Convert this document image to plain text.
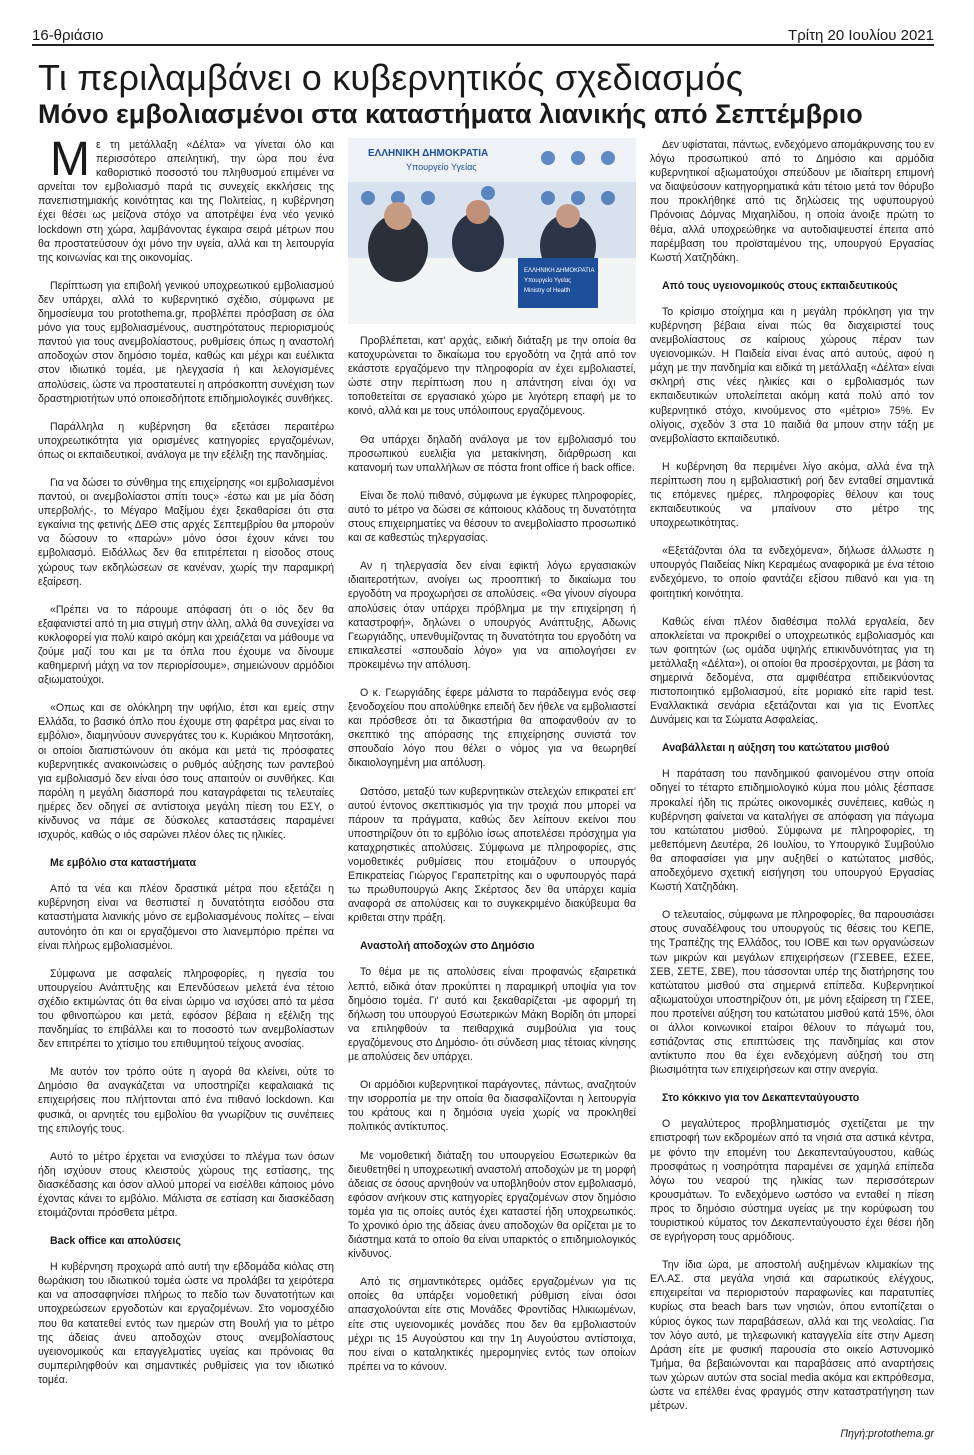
16-θριάσιο	Τρίτη 20 Ιουλίου 2021
Τι περιλαμβάνει ο κυβερνητικός σχεδιασμός
Μόνο εμβολιασμένοι στα καταστήματα λιανικής από Σεπτέμβριο

Με τη μετάλλαξη «Δέλτα» να γίνεται όλο και περισσότερο απειλητική, την ώρα που ένα καθοριστικό ποσοστό του πληθυσμού επιμένει να αρνείται τον εμβολιασμό παρά τις συνεχείς εκκλήσεις της πανεπιστημιακής κοινότητας και της Πολιτείας, η κυβέρνηση έχει θέσει ως μείζονα στόχο να αποτρέψει ένα νέο γενικό lockdown στη χώρα, λαμβάνοντας έγκαιρα σειρά μέτρων που θα προστατεύσουν όχι μόνο την υγεία, αλλά και τη λειτουργία της κοινωνίας και της οικονομίας.

Περίπτωση για επιβολή γενικού υποχρεωτικού εμβολιασμού δεν υπάρχει, αλλά το κυβερνητικό σχέδιο, σύμφωνα με δημοσίευμα του protothema.gr, προβλέπει πρόσβαση σε όλα μόνο για τους εμβολιασμένους, αυστηρότατους περιορισμούς παντού για τους ανεμβολίαστους, ρυθμίσεις όπως η αναστολή αποδοχών στον δημόσιο τομέα, καθώς και μέχρι και ευέλικτα στον ιδιωτικό τομέα, με ηλεγχασία ή και λελογισμένες απολύσεις, ώστε να προστατευτεί η απρόσκοπτη συνέχιση των δραστηριοτήτων υπό οποιεσδήποτε επιδημιολογικές συνθήκες.

Παράλληλα η κυβέρνηση θα εξετάσει περαιτέρω υποχρεωτικότητα για ορισμένες κατηγορίες εργαζομένων, όπως οι εκπαιδευτικοί, ανάλογα με την εξέλιξη της πανδημίας.

Για να δώσει το σύνθημα της επιχείρησης «οι εμβολιασμένοι παντού, οι ανεμβολίαστοι σπίτι τους» -έστω και με μία δόση υπερβολής-, το Μέγαρο Μαξίμου έχει ξεκαθαρίσει ότι στα εγκαίνια της φετινής ΔΕΘ στις αρχές Σεπτεμβρίου θα μπορούν να δώσουν το «παρών» μόνο όσοι έχουν κάνει του εμβολιασμό. Ειδάλλως δεν θα επιτρέπεται η είσοδος στους χώρους των εκδηλώσεων σε κανέναν, χωρίς την παραμικρή εξαίρεση.

«Πρέπει να το πάρουμε απόφαση ότι ο ιός δεν θα εξαφανιστεί από τη μια στιγμή στην άλλη, αλλά θα συνεχίσει να κυκλοφορεί για πολύ καιρό ακόμη και χρειάζεται να μάθουμε να ζούμε μαζί του και με τα όπλα που έχουμε να δίνουμε καθημερινή μάχη να τον περιορίσουμε», σημειώνουν αρμόδιοι αξιωματούχοι.

«Οπως και σε ολόκληρη την υφήλιο, έτσι και εμείς στην Ελλάδα, το βασικό όπλο που έχουμε στη φαρέτρα μας είναι το εμβόλιο», διαμηνύουν συνεργάτες του κ. Κυριάκου Μητσοτάκη, οι οποίοι διαπιστώνουν ότι ακόμα και μετά τις πρόσφατες κυβερνητικές ανακοινώσεις ο ρυθμός αύξησης των ραντεβού για εμβολιασμό δεν είναι όσο τους απαιτούν οι συνθήκες. Και παρόλη η μεγάλη διασπορά που καταγράφεται τις τελευταίες ημέρες δεν οδηγεί σε αντίστοιχα μεγάλη πίεση του ΕΣΥ, ο κίνδυνος να πάμε σε δύσκολες καταστάσεις παραμένει ισχυρός, καθώς ο ιός σαρώνει πλέον όλες τις ηλικίες.

Με εμβόλιο στα καταστήματα

Από τα νέα και πλέον δραστικά μέτρα που εξετάζει η κυβέρνηση είναι να θεσπιστεί η δυνατότητα εισόδου στα καταστήματα λιανικής μόνο σε εμβολιασμένους πολίτες – είναι αυτονόητο ότι και οι εργαζόμενοι στο λιανεμπόριο πρέπει να είναι πλήρως εμβολιασμένοι.

Σύμφωνα με ασφαλείς πληροφορίες, η ηγεσία του υπουργείου Ανάπτυξης και Επενδύσεων μελετά ένα τέτοιο σχέδιο εκτιμώντας ότι θα είναι ώριμο να ισχύσει από τα μέσα του φθινοπώρου και μετά, εφόσον βέβαια η εξέλιξη της πανδημίας το επιβάλλει και το ποσοστό των ανεμβολίαστων δεν επιτρέπει το χτίσιμο του επιθυμητού τείχους ανοσίας.

Με αυτόν τον τρόπο ούτε η αγορά θα κλείνει, ούτε το Δημόσιο θα αναγκάζεται να υποστηρίζει κεφαλαιακά τις επιχειρήσεις που πλήττονται από ένα πιθανό lockdown. Και φυσικά, οι αρνητές του εμβολίου θα γνωρίζουν τις συνέπειες της επιλογής τους.

Αυτό το μέτρο έρχεται να ενισχύσει το πλέγμα των όσων ήδη ισχύουν στους κλειστούς χώρους της εστίασης, της διασκέδασης και όσον αλλού μπορεί να εισέλθει κάποιος μόνο έχοντας κάνει το εμβόλιο. Μάλιστα σε εστίαση και διασκέδαση ετοιμάζονται πρόσθετα μέτρα.

Back office και απολύσεις

Η κυβέρνηση προχωρά από αυτή την εβδομάδα κιόλας στη θωράκιση του ιδιωτικού τομέα ώστε να προλάβει τα χειρότερα και να αποσαφηνίσει πλήρως το πεδίο των δυνατοτήτων και υποχρεώσεων εργοδοτών και εργαζομένων. Στο νομοσχέδιο που θα κατατεθεί εντός των ημερών στη Βουλή για το μέτρο της άδειας άνευ αποδοχών στους ανεμβολίαστους υγειονομικούς και επαγγελματίες υγείας και πρόνοιας θα συμπεριληφθούν και σημαντικές ρυθμίσεις για τον ιδιωτικό τομέα.

ΕΛΛΗΝΙΚΗ ΔΗΜΟΚΡΑΤΙΑ
Υπουργείο Υγείας
ΕΛΛΗΝΙΚΗ ΔΗΜΟΚΡΑΤΙΑ
Υπουργείο Υγείας
Ministry of Health

Προβλέπεται, κατ' αρχάς, ειδική διάταξη με την οποία θα κατοχυρώνεται το δικαίωμα του εργοδότη να ζητά από τον εκάστοτε εργαζόμενο την πληροφορία αν έχει εμβολιαστεί, ώστε στην περίπτωση που η απάντηση είναι όχι να τοποθετείται σε εργασιακό χώρο με λιγότερη επαφή με το κοινό, αλλά και με τους υπόλοιπους εργαζόμενους.

Θα υπάρχει δηλαδή ανάλογα με τον εμβολιασμό του προσωπικού ευελιξία για μετακίνηση, διάρθρωση και κατανομή των υπαλλήλων σε πόστα front office ή back office.

Είναι δε πολύ πιθανό, σύμφωνα με έγκυρες πληροφορίες, αυτό το μέτρο να δώσει σε κάποιους κλάδους τη δυνατότητα στους επιχειρηματίες να θέσουν το ανεμβολίαστο προσωπικό και σε καθεστώς τηλεργασίας.

Αν η τηλεργασία δεν είναι εφικτή λόγω εργασιακών ιδιαιτεροτήτων, ανοίγει ως προοπτική το δικαίωμα του εργοδότη να προχωρήσει σε απολύσεις. «Θα γίνουν σίγουρα απολύσεις όταν υπάρχει πρόβλημα με την επιχείρηση ή καταστροφή», δηλώνει ο υπουργός Ανάπτυξης, Αδωνις Γεωργιάδης, υπενθυμίζοντας τη δυνατότητα του εργοδότη να επικαλεστεί «σπουδαίο λόγο» για να αιτιολογήσει εν προκειμένω την απόλυση.

Ο κ. Γεωργιάδης έφερε μάλιστα το παράδειγμα ενός σεφ ξενοδοχείου που απολύθηκε επειδή δεν ήθελε να εμβολιαστεί και πρόσθεσε ότι τα δικαστήρια θα αποφανθούν αν το σκεπτικό της απόρασης της επιχείρησης συνιστά τον σπουδαίο λόγο που θέλει ο νόμος για να θεωρηθεί δικαιολογημένη μια απόλυση.

Ωστόσο, μεταξύ των κυβερνητικών στελεχών επικρατεί επ' αυτού έντονος σκεπτικισμός για την τροχιά που μπορεί να πάρουν τα πράγματα, καθώς δεν λείπουν εκείνοι που υποστηρίζουν ότι το εμβόλιο ίσως αποτελέσει πρόσχημα για καταχρηστικές απολύσεις. Σύμφωνα με πληροφορίες, στις νομοθετικές ρυθμίσεις που ετοιμάζουν ο υπουργός Επικρατείας Γιώργος Γεραπετρίτης και ο υφυπουργός παρά τω πρωθυπουργώ Ακης Σκέρτσος δεν θα υπάρχει καμία αναφορά σε απολύσεις και το συγκεκριμένο διακύβευμα θα κριθεται στην πράξη.

Αναστολή αποδοχών στο Δημόσιο

Το θέμα με τις απολύσεις είναι προφανώς εξαιρετικά λεπτό, ειδικά όταν προκύπτει η παραμικρή υποψία για τον δημόσιο τομέα. Γι' αυτό και ξεκαθαρίζεται -με αφορμή τη δήλωση του υπουργού Εσωτερικών Μάκη Βορίδη ότι μπορεί να επιληφθούν τα πειθαρχικά συμβούλια για τους εργαζόμενους στο Δημόσιο- ότι σύνδεση μιας τέτοιας κίνησης με απολύσεις δεν υπάρχει.

Οι αρμόδιοι κυβερνητικοί παράγοντες, πάντως, αναζητούν την ισορροπία με την οποία θα διασφαλίζονται η λειτουργία του κράτους και η δημόσια υγεία χωρίς να προκληθεί πολιτικός αντίκτυπος.

Με νομοθετική διάταξη του υπουργείου Εσωτερικών θα διευθετηθεί η υποχρεωτική αναστολή αποδοχών με τη μορφή άδειας σε όσους αρνηθούν να υποβληθούν στον εμβολιασμό, εφόσον ανήκουν στις κατηγορίες εργαζομένων στον δημόσιο τομέα για τις οποίες αυτός έχει καταστεί ήδη υποχρεωτικός. Το χρονικό όριο της άδειας άνευ αποδοχών θα ορίζεται με το διάστημα κατά το οποίο θα είναι υπαρκτός ο επιδημιολογικός κίνδυνος.

Από τις σημαντικότερες ομάδες εργαζομένων για τις οποίες θα υπάρξει νομοθετική ρύθμιση είναι όσοι απασχολούνται είτε στις Μονάδες Φροντίδας Ηλικιωμένων, είτε στις υγειονομικές μονάδες που δεν θα εμβολιαστούν μέχρι τις 15 Αυγούστου και την 1η Αυγούστου αντίστοιχα, που είναι ο καταληκτικές ημερομηνίες εντός των οποίων πρέπει να το κάνουν.

Δεν υφίσταται, πάντως, ενδεχόμενο απομάκρυνσης του εν λόγω προσωπικού από το Δημόσιο και αρμόδια κυβερνητικοί αξιωματούχοι σπεύδουν με ιδιαίτερη επιμονή να διαψεύσουν κατηγορηματικά κάτι τέτοιο μετά τον θόρυβο που προκλήθηκε από τις δηλώσεις της υφυπουργού Πρόνοιας Δόμνας Μιχαηλίδου, η οποία άνοιξε πρώτη το θέμα, αλλά υποχρεώθηκε να αυτοδιαψευστεί έπειτα από παρέμβαση του προϊσταμένου της, υπουργού Εργασίας Κωστή Χατζηδάκη.

Από τους υγειονομικούς στους εκπαιδευτικούς

Το κρίσιμο στοίχημα και η μεγάλη πρόκληση για την κυβέρνηση βέβαια είναι πώς θα διαχειριστεί τους ανεμβολίαστους σε καίριους χώρους πέραν των υγειονομικών. Η Παιδεία είναι ένας από αυτούς, αφού η μάχη με την πανδημία και ειδικά τη μετάλλαξη «Δέλτα» είναι σκληρή στις νέες ηλικίες και ο εμβολιασμός των εκπαιδευτικών υπολείπεται ακόμη κατά πολύ από τον κυβερνητικό στόχο, κινούμενος στο «μέτριο» 75%. Εν ολίγοις, σχεδόν 3 στα 10 παιδιά θα μπουν στην τάξη με ανεμβολίαστο εκπαιδευτικό.

Η κυβέρνηση θα περιμένει λίγο ακόμα, αλλά ένα τηλ περίπτωση που η εμβολιαστική ροή δεν ενταθεί σημαντικά τις επόμενες ημέρες, πληροφορίες θέλουν και τους εκπαιδευτικούς να μπαίνουν στο μέτρο της υποχρεωτικότητας.

«Εξετάζονται όλα τα ενδεχόμενα», δήλωσε άλλωστε η υπουργός Παιδείας Νίκη Κεραμέως αναφορικά με ένα τέτοιο ενδεχόμενο, το οποίο φαντάζει εξίσου πιθανό και για τη φοιτητική κοινότητα.

Καθώς είναι πλέον διαθέσιμα πολλά εργαλεία, δεν αποκλείεται να προκριθεί ο υποχρεωτικός εμβολιασμός και των φοιτητών (ως ομάδα υψηλής επικινδυνότητας για τη μετάλλαξη «Δέλτα»), οι οποίοι θα προσέρχονται, με βάση τα σημερινά δεδομένα, στα αμφιθέατρα επιδεικνύοντας πιστοποιητικό εμβολιασμού, είτε μοριακό είτε rapid test. Εναλλακτικά σενάρια εξετάζονται και για τις Ενοπλες Δυνάμεις και τα Σώματα Ασφαλείας.

Αναβάλλεται η αύξηση του κατώτατου μισθού

Η παράταση του πανδημικού φαινομένου στην οποία οδηγεί το τέταρτο επιδημιολογικό κύμα που μόλις ξέσπασε προκαλεί ήδη τις πρώτες οικονομικές συνέπειες, καθώς η κυβέρνηση φαίνεται να καταλήγει σε απόφαση για πάγωμα του κατώτατου μισθού. Σύμφωνα με πληροφορίες, τη μεθεπόμενη Δευτέρα, 26 Ιουλίου, το Υπουργικό Συμβούλιο θα αποφασίσει για μην αυξηθεί ο κατώτατος μισθός, αποδεχόμενο σχετική εισήγηση του υπουργού Εργασίας Κωστή Χατζηδάκη.

Ο τελευταίος, σύμφωνα με πληροφορίες, θα παρουσιάσει στους συναδέλφους του υπουργούς τις θέσεις του ΚΕΠΕ, της Τραπέζης της Ελλάδος, του ΙΟΒΕ και των οργανώσεων των μικρών και μεγάλων επιχειρήσεων (ΓΣΕΒΕΕ, ΕΣΕΕ, ΣΕΒ, ΣΕΤΕ, ΣΒΕ), που τάσσονται υπέρ της διατήρησης του κατώτατου μισθού στα σημερινά επίπεδα. Κυβερνητικοί αξιωματούχοι υποστηρίζουν ότι, με μόνη εξαίρεση τη ΓΣΕΕ, που προτείνει αύξηση του κατώτατου μισθού κατά 15%, όλοι οι άλλοι κοινωνικοί εταίροι θέλουν το πάγωμά του, εστιάζοντας στις επιπτώσεις της πανδημίας και στον αντίκτυπο που θα έχει ενδεχόμενη αύξησή του στη βιωσιμότητα των επιχειρήσεων και στην ανεργία.

Στο κόκκινο για τον Δεκαπενταύγουστο

Ο μεγαλύτερος προβληματισμός σχετίζεται με την επιστροφή των εκδρομέων από τα νησιά στα αστικά κέντρα, με φόντο την επομένη του Δεκαπενταύγουστου, καθώς προσφάτως η νοσηρότητα παραμένει σε χαμηλά επίπεδα λόγω του νεαρού της ηλικίας των περισσότερων κρουσμάτων. Το ενδεχόμενο ωστόσο να ενταθεί η πίεση προς το δημόσιο σύστημα υγείας με την κορύφωση του τουριστικού κύματος τον Δεκαπενταύγουστο έχει θέσει ήδη σε εγρήγορση τους αρμόδιους.

Την ίδια ώρα, με αποστολή αυξημένων κλιμακίων της ΕΛ.ΑΣ. στα μεγάλα νησιά και σαρωτικούς ελέγχους, επιχειρείται να περιοριστούν παραφωνίες και παρατυπίες κυρίως στα beach bars των νησιών, όπου εντοπίζεται ο κύριος όγκος των παραβάσεων, αλλά και της νεολαίας. Για τον λόγο αυτό, με τηλεφωνική καταγγελία είτε στην Αμεση Δράση είτε με φυσική παρουσία στο οικείο Αστυνομικό Τμήμα, θα βεβαιώνονται και παραβάσεις από αναρτήσεις των χώρων αυτών στα social media ακόμα και εκπρόθεσμα, ώστε να επέλθει ένας φραγμός στην καταστρατήγηση των μέτρων.

Πηγή:protothema.gr
